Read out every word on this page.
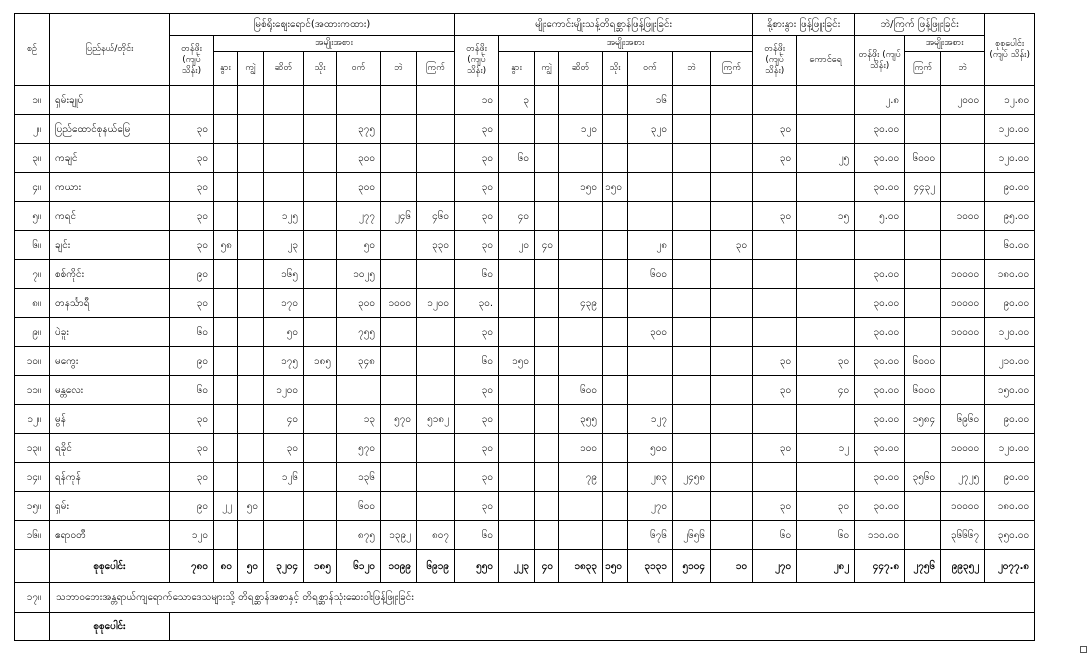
စဉ်	ပြည်နယ်/တိုင်း	မြစ်ရိုးဈေးရောင်(အထားကထား)								မျိုးကောင်းမျိုးသန့်တိရစ္ဆာန်ဖြန့်ဖြူးခြင်း								နို့စားနွား ဖြန့်ဖြူးခြင်း		ဘဲ/ကြက် ဖြန့်ဖြူးခြင်း			စုစုပေါင်း (ကျပ် သိန်း)	
		တန်ဖိုး (ကျပ် သိန်း)	အမျိုးအစား							တန်ဖိုး (ကျပ် သိန်း)	အမျိုးအစား							တန်ဖိုး (ကျပ် သိန်း)	ကောင်ရေ	တန်ဖိုး (ကျပ် သိန်း)	အမျိုးအစား			
			နွား	ကျွဲ	ဆိတ်	သိုး	ဝက်	ဘဲ	ကြက်		နွား	ကျွဲ	ဆိတ်	သိုး	ဝက်	ဘဲ	ကြက်				ကြက်	ဘဲ		
၁။	ရှမ်းချုပ်									၁၀	၃				၁၆					၂.၈		၂၀၀၀	၁၂.၈၀	
၂။	ပြည်ထောင်စုနယ်မြေ	၃၀					၃၇၅			၃၀			၁၂၀		၃၂၀			၃၀		၃၀.၀၀			၁၂၀.၀၀	
၃။	ကချင်	၃၀					၃၀၀			၃၀	၆၀							၃၀	၂၅	၃၀.၀၀	၆၀၀၀		၁၂၀.၀၀	
၄။	ကယား	၃၀					၃၀၀			၃၀			၁၅၀	၁၅၀						၃၀.၀၀	၄၄၃၂		၉၀.၀၀	
၅။	ကရင်	၃၀			၁၂၅		၂၇၇	၂၄၆	၄၆၀	၃၀	၄၀							၃၀	၁၅	၅.၀၀		၁၀၀၀	၉၅.၀၀	
၆။	ချင်း	၃၀	၅၈		၂၃		၅၀		၃၃၀	၃၀	၂၀	၄၀			၂၈		၃၀						၆၀.၀၀	
၇။	စစ်ကိုင်း	၉၀			၁၆၅		၁၀၂၅			၆၀					၆၀၀					၃၀.၀၀		၁၀၀၀၀	၁၈၀.၀၀	
၈။	တနင်္သာရီ	၃၀			၁၇၀		၃၀၀	၁၀၀၀	၁၂၀၀	၃၀.			၄၃၉							၃၀.၀၀		၁၀၀၀၀	၉၀.၀၀	
၉။	ပဲခူး	၆၀			၅၀		၇၅၅			၃၀					၃၀၀					၃၀.၀၀		၁၀၀၀၀	၁၂၀.၀၀	
၁၀။	မကွေး	၉၀			၁၇၅	၁၈၅	၃၄၈			၆၀	၁၅၀							၃၀	၃၀	၃၀.၀၀	၆၀၀၀		၂၁၀.၀၀	
၁၁။	မန္တလေး	၆၀			၁၂၀၀					၃၀			၆၀၀					၃၀	၄၀	၃၀.၀၀	၆၀၀၀		၁၅၀.၀၀	
၁၂။	မွန်	၃၀			၄၀		၁၃	၅၇၀	၅၁၈၂	၃၀			၃၅၅		၁၂၇					၃၀.၀၀	၁၅၈၄	၆၉၆၀	၉၀.၀၀	
၁၃။	ရခိုင်	၃၀			၃၀		၅၇၀			၃၀			၁၀၀		၅၀၀			၃၀	၁၂	၃၀.၀၀		၁၀၀၀၀	၁၂၀.၀၀	
၁၄။	ရန်ကုန်	၃၀			၁၂၆		၁၃၆			၃၀			၇၉		၂၈၃	၂၄၅၈				၃၀.၀၀	၃၅၆၀	၂၇၂၅	၉၀.၀၀	
၁၅။	ရှမ်း	၉၀	၂၂	၅၀			၆၀၀			၃၀					၂၇၀			၃၀	၃၀	၃၀.၀၀		၁၀၀၀၀	၁၈၀.၀၀	
၁၆။	ဧရာဝတီ	၁၂၀					၈၇၅	၁၃၉၂	၈၀၇	၆၀					၆၇၆	၂၆၅၆		၆၀	၆၀	၁၁၀.၀၀		၃၆၆၆၇	၃၅၀.၀၀	
	စုစုပေါင်း	၇၈၀	၈၀	၅၀	၃၂၀၄	၁၈၅	၆၁၂၀	၁၀၉၉	၆၉၁၉	၅၅၀	၂၂၃	၄၀	၁၈၃၃	၁၅၀	၃၁၃၁	၅၁၀၄	၁၀	၂၇၀	၂၈၂	၄၄၇.၈	၂၇၅၆	၉၉၃၅၂	၂၀၇၇.၈	
၁၇။	သဘာဝဘေးအန္တရာယ်ကျရောက်သောဒေသများသို့ တိရစ္ဆာန်အစာနှင့် တိရစ္ဆာန်သုံးဆေးဝါးဖြန့်ဖြူးခြင်း	
	စုစုပေါင်း		
